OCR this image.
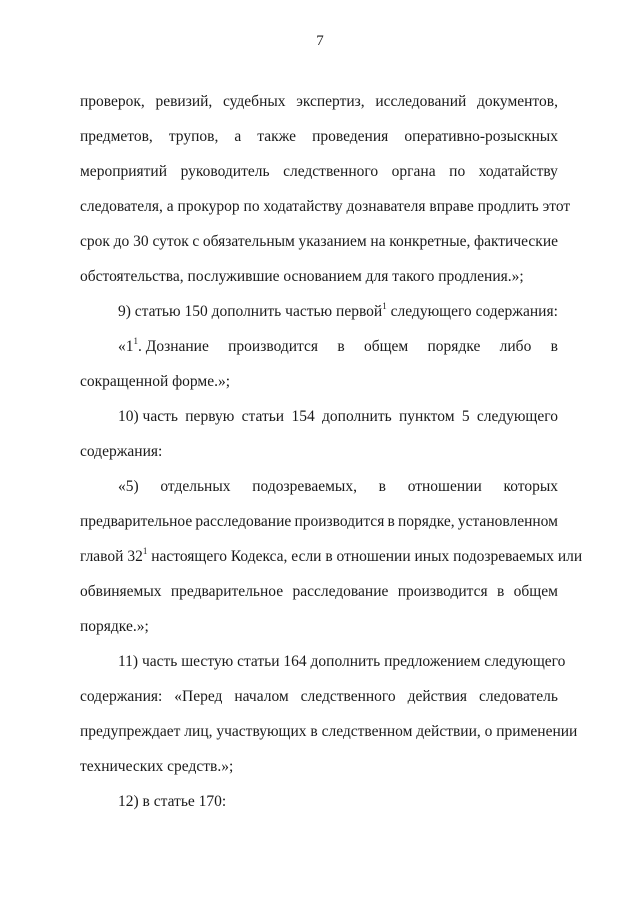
7
проверок, ревизий, судебных экспертиз, исследований документов,
предметов, трупов, а также проведения оперативно-розыскных
мероприятий руководитель следственного органа по ходатайству
следователя, а прокурор по ходатайству дознавателя вправе продлить этот
срок до 30 суток с обязательным указанием на конкретные, фактические
обстоятельства, послужившие основанием для такого продления.»;
9) статью 150 дополнить частью первой$^1$ следующего содержания:
«$1^1$. Дознание производится в общем порядке либо в
сокращенной форме.»;
10) часть первую статьи 154 дополнить пунктом 5 следующего
содержания:
«5) отдельных подозреваемых, в отношении которых
предварительное расследование производится в порядке, установленном
главой $32^1$ настоящего Кодекса, если в отношении иных подозреваемых или
обвиняемых предварительное расследование производится в общем
порядке.»;
11) часть шестую статьи 164 дополнить предложением следующего
содержания: «Перед началом следственного действия следователь
предупреждает лиц, участвующих в следственном действии, о применении
технических средств.»;
12) в статье 170:
